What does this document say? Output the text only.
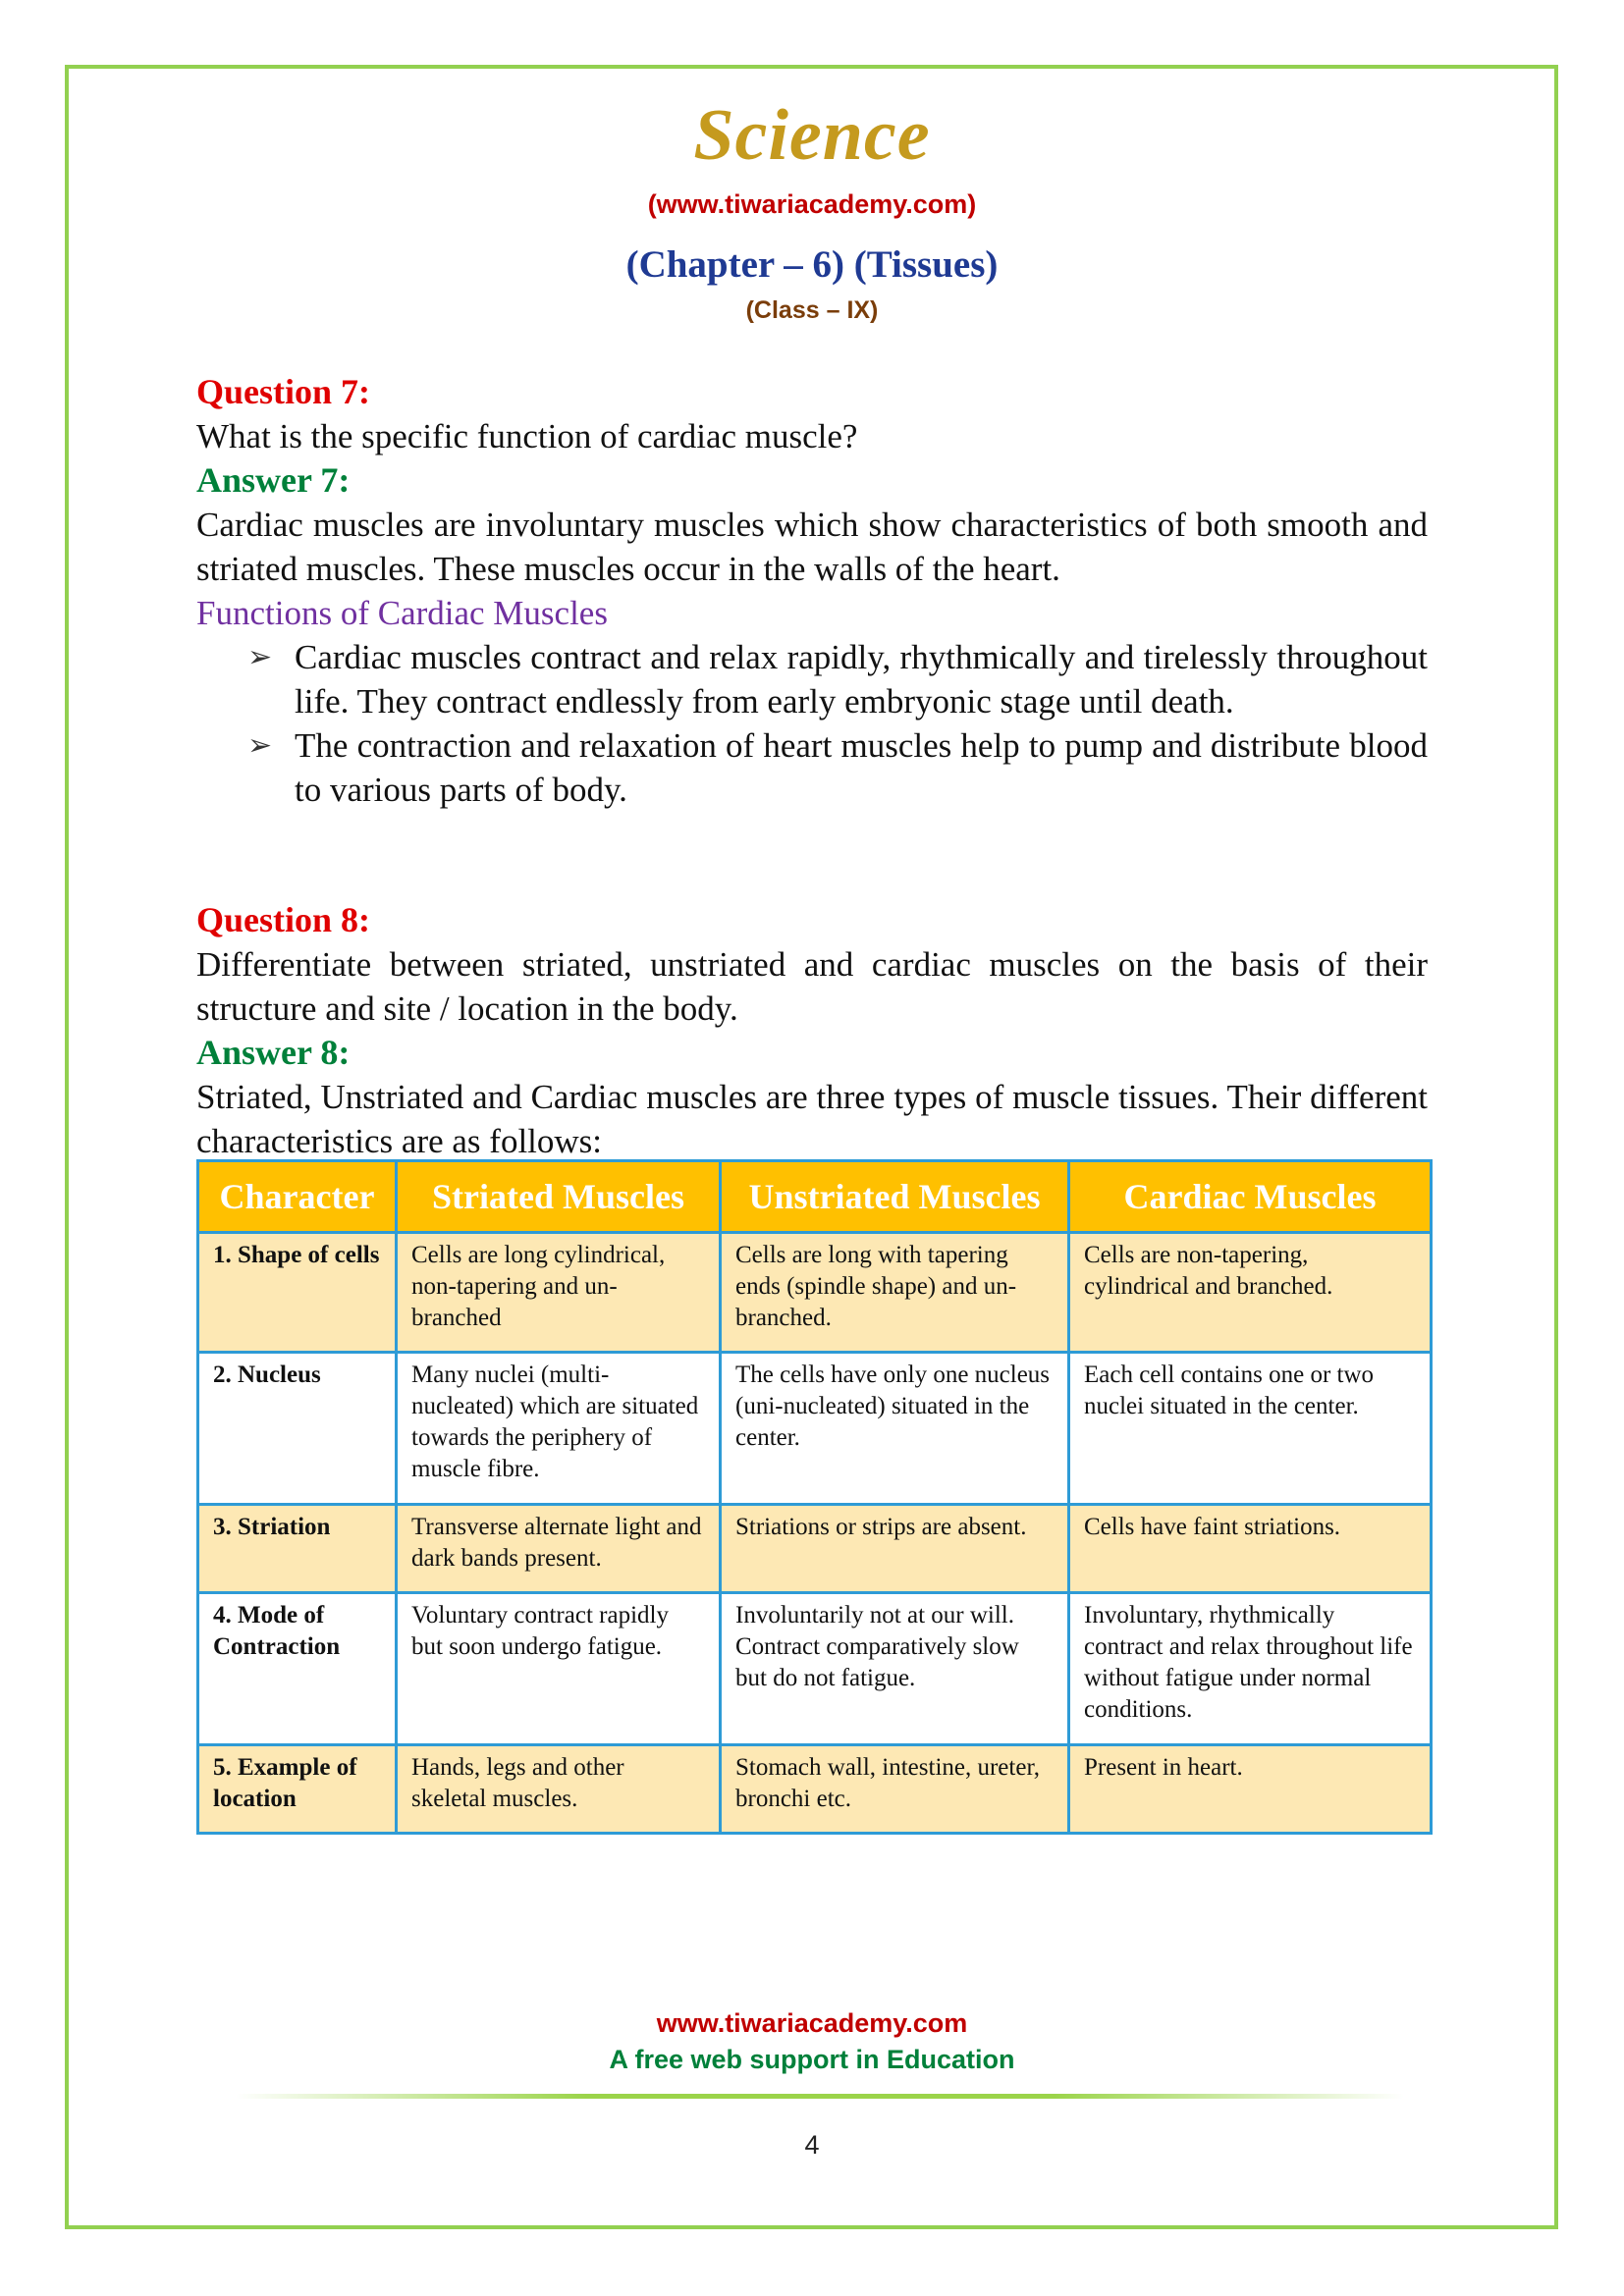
Science
(www.tiwariacademy.com)
(Chapter – 6) (Tissues)
(Class – IX)
Question 7:
What is the specific function of cardiac muscle?
Answer 7:
Cardiac muscles are involuntary muscles which show characteristics of both smooth and striated muscles. These muscles occur in the walls of the heart.
Functions of Cardiac Muscles
➢ Cardiac muscles contract and relax rapidly, rhythmically and tirelessly throughout life. They contract endlessly from early embryonic stage until death.
➢ The contraction and relaxation of heart muscles help to pump and distribute blood to various parts of body.
Question 8:
Differentiate between striated, unstriated and cardiac muscles on the basis of their structure and site / location in the body.
Answer 8:
Striated, Unstriated and Cardiac muscles are three types of muscle tissues. Their different characteristics are as follows:
Character	Striated Muscles	Unstriated Muscles	Cardiac Muscles
1. Shape of cells	Cells are long cylindrical, non-tapering and un-branched	Cells are long with tapering ends (spindle shape) and un-branched.	Cells are non-tapering, cylindrical and branched.
2. Nucleus	Many nuclei (multi-nucleated) which are situated towards the periphery of muscle fibre.	The cells have only one nucleus (uni-nucleated) situated in the center.	Each cell contains one or two nuclei situated in the center.
3. Striation	Transverse alternate light and dark bands present.	Striations or strips are absent.	Cells have faint striations.
4. Mode of Contraction	Voluntary contract rapidly but soon undergo fatigue.	Involuntarily not at our will. Contract comparatively slow but do not fatigue.	Involuntary, rhythmically contract and relax throughout life without fatigue under normal conditions.
5. Example of location	Hands, legs and other skeletal muscles.	Stomach wall, intestine, ureter, bronchi etc.	Present in heart.
www.tiwariacademy.com
A free web support in Education
4
